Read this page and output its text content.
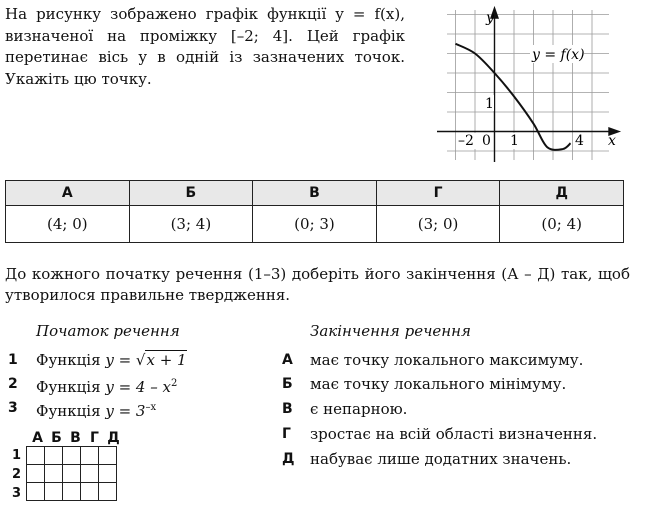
На рисунку зображено графік функції y = f(x), визначеної на проміжку [–2; 4]. Цей графік перетинає вісь y в одній із зазначених точок. Укажіть цю точку.
y
x
y = f(x)
1
–2 0 1	4
А	Б	В	Г	Д
(4; 0)	(3; 4)	(0; 3)	(3; 0)	(0; 4)
До кожного початку речення (1–3) доберіть його закінчення (А – Д) так, щоб утворилося правильне твердження.
Початок речення	Закінчення речення
1 Функція y = √x + 1
2 Функція $y = 4 - x^2$
3 Функція $y = 3^{-x}$
А має точку локального максимуму.
Б має точку локального мінімуму.
В є непарною.
Г зростає на всій області визначення.
Д набуває лише додатних значень.
А Б В Г Д
1
2
3
